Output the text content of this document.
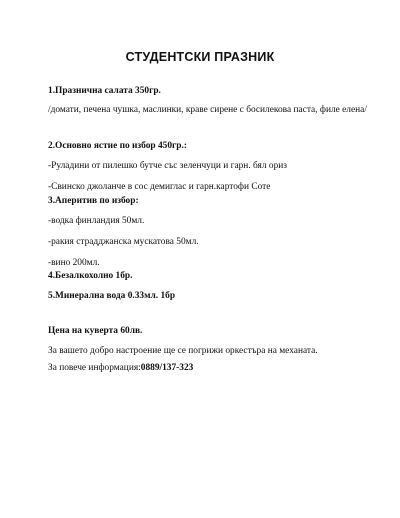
СТУДЕНТСКИ ПРАЗНИК
1.Празнична салата 350гр.
/домати, печена чушка, маслинки, краве сирене с босилекова паста, филе елена/
2.Основно ястие по избор 450гр.:
-Руладини от пилешко бутче със зеленчуци и гарн. бял ориз
-Свинско джоланче в сос демиглас и гарн.картофи Соте
3.Аперитив по избор:
-водка финландия 50мл.
-ракия страдджанска мускатова 50мл.
-вино 200мл.
4.Безалкохолно 1бр.
5.Минерална вода 0.33мл. 1бр
Цена на куверта 60лв.
За вашето добро настроение ще се погрижи оркестъра на механата.
За повече информация:0889/137-323
